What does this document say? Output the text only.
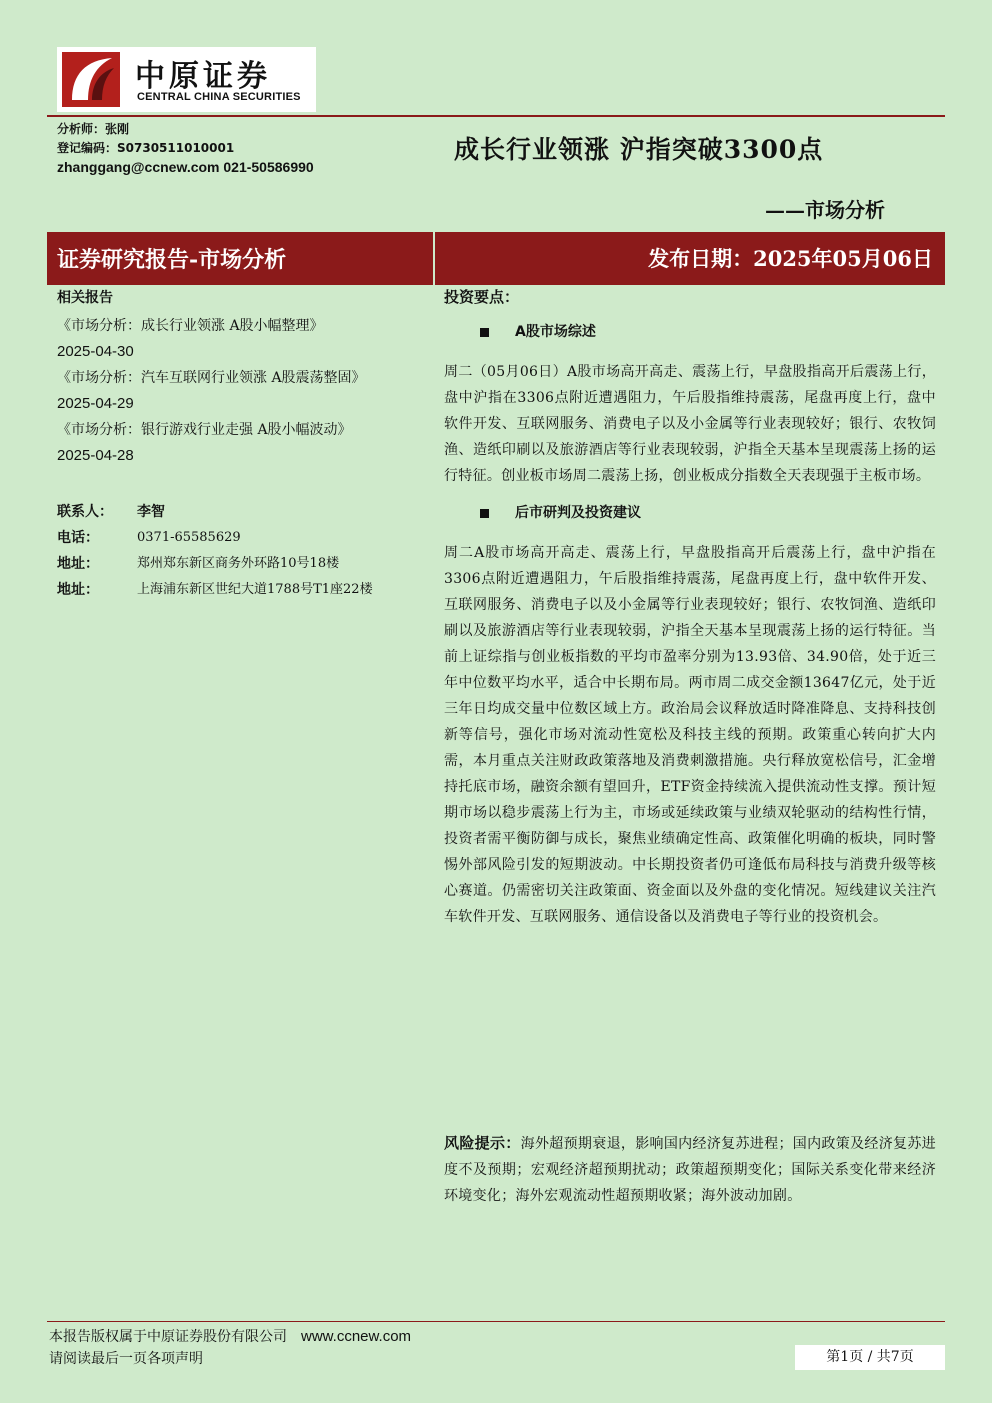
中原证券
CENTRAL CHINA SECURITIES
分析师：张刚
登记编码：S0730511010001
zhanggang@ccnew.com 021-50586990
成长行业领涨 沪指突破3300点
——市场分析
证券研究报告-市场分析	发布日期：2025年05月06日
相关报告
《市场分析：成长行业领涨 A股小幅整理》
2025-04-30
《市场分析：汽车互联网行业领涨 A股震荡整固》 2025-04-29
《市场分析：银行游戏行业走强 A股小幅波动》 2025-04-28
联系人：	李智
电话：	0371-65585629
地址：	郑州郑东新区商务外环路10号18楼
地址：	上海浦东新区世纪大道1788号T1座22楼
投资要点：
A股市场综述
周二（05月06日）A股市场高开高走、震荡上行，早盘股指高开后震荡上行，盘中沪指在3306点附近遭遇阻力，午后股指维持震荡，尾盘再度上行，盘中软件开发、互联网服务、消费电子以及小金属等行业表现较好；银行、农牧饲渔、造纸印刷以及旅游酒店等行业表现较弱，沪指全天基本呈现震荡上扬的运行特征。创业板市场周二震荡上扬，创业板成分指数全天表现强于主板市场。
后市研判及投资建议
周二A股市场高开高走、震荡上行，早盘股指高开后震荡上行，盘中沪指在3306点附近遭遇阻力，午后股指维持震荡，尾盘再度上行，盘中软件开发、互联网服务、消费电子以及小金属等行业表现较好；银行、农牧饲渔、造纸印刷以及旅游酒店等行业表现较弱，沪指全天基本呈现震荡上扬的运行特征。当前上证综指与创业板指数的平均市盈率分别为13.93倍、34.90倍，处于近三年中位数平均水平，适合中长期布局。两市周二成交金额13647亿元，处于近三年日均成交量中位数区域上方。政治局会议释放适时降准降息、支持科技创新等信号，强化市场对流动性宽松及科技主线的预期。政策重心转向扩大内需，本月重点关注财政政策落地及消费刺激措施。央行释放宽松信号，汇金增持托底市场，融资余额有望回升，ETF资金持续流入提供流动性支撑。预计短期市场以稳步震荡上行为主，市场或延续政策与业绩双轮驱动的结构性行情，投资者需平衡防御与成长，聚焦业绩确定性高、政策催化明确的板块，同时警惕外部风险引发的短期波动。中长期投资者仍可逢低布局科技与消费升级等核心赛道。仍需密切关注政策面、资金面以及外盘的变化情况。短线建议关注汽车软件开发、互联网服务、通信设备以及消费电子等行业的投资机会。
风险提示：海外超预期衰退，影响国内经济复苏进程；国内政策及经济复苏进度不及预期；宏观经济超预期扰动；政策超预期变化；国际关系变化带来经济环境变化；海外宏观流动性超预期收紧；海外波动加剧。
本报告版权属于中原证券股份有限公司 www.ccnew.com
请阅读最后一页各项声明	第1页 / 共7页
